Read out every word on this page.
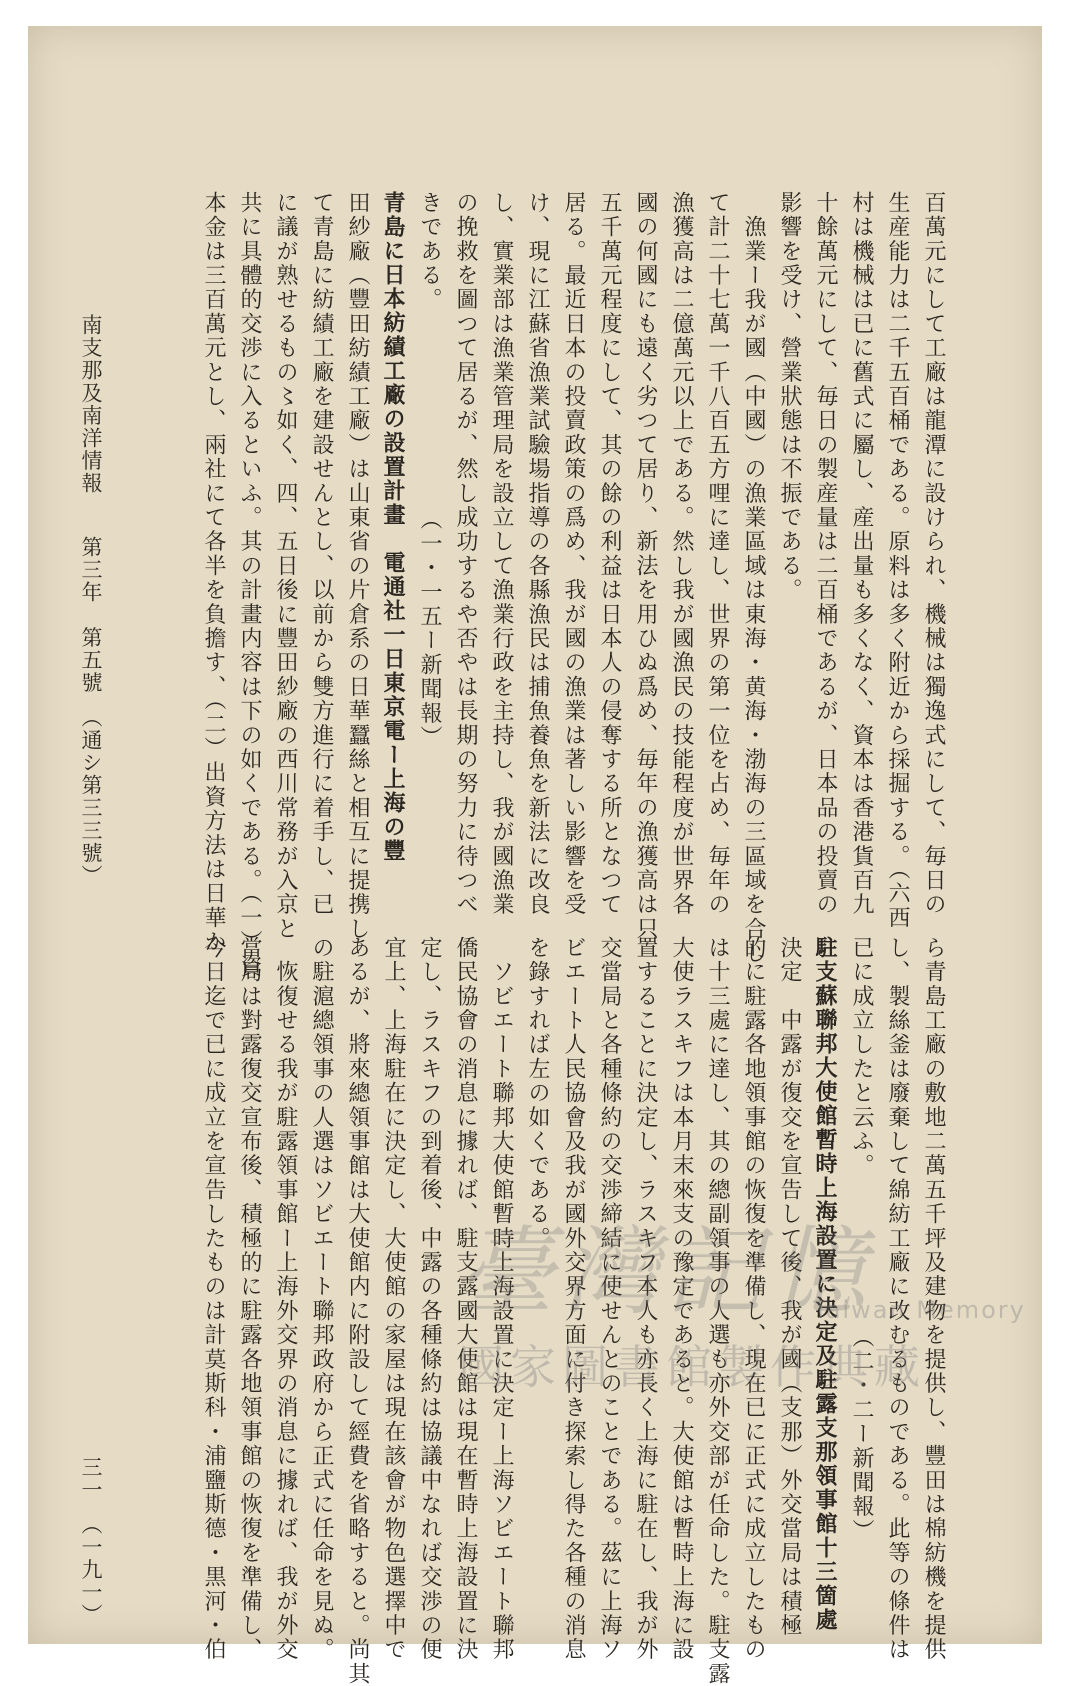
南支那及南洋情報
第三年　第五號　（通シ第三三號）
三一　（一九一）
百萬元にして工廠は龍潭に設けられ、機械は獨逸式にして、毎日の
生産能力は二千五百桶である。原料は多く附近から採掘する。（六西
村は機械は已に舊式に屬し、産出量も多くなく、資本は香港貨百九
十餘萬元にして、毎日の製産量は二百桶であるが、日本品の投賣の
影響を受け、營業狀態は不振である。
　漁業ー我が國（中國）の漁業區域は東海・黄海・渤海の三區域を合し
て計二十七萬一千八百五方哩に達し、世界の第一位を占め、毎年の
漁獲高は二億萬元以上である。然し我が國漁民の技能程度が世界各
國の何國にも遠く劣つて居り、新法を用ひぬ爲め、毎年の漁獲高は只
五千萬元程度にして、其の餘の利益は日本人の侵奪する所となつて
居る。最近日本の投賣政策の爲め、我が國の漁業は著しい影響を受
け、現に江蘇省漁業試驗場指導の各縣漁民は捕魚養魚を新法に改良
し、實業部は漁業管理局を設立して漁業行政を主持し、我が國漁業
の挽救を圖つて居るが、然し成功するや否やは長期の努力に待つべ
きである。　　　　　　　　　（一・一五ー新聞報）
青島に日本紡績工廠の設置計畫　電通社一日東京電ー上海の豐
田紗廠（豐田紡績工廠）は山東省の片倉系の日華蠶絲と相互に提携し
て青島に紡績工廠を建設せんとし、以前から雙方進行に着手し、已
に議が熟せるもの〻如く、四、五日後に豐田紗廠の西川常務が入京と
共に具體的交渉に入るといふ。其の計畫内容は下の如くである。（一）資
本金は三百萬元とし、兩社にて各半を負擔す、（二）出資方法は日華か
ら青島工廠の敷地二萬五千坪及建物を提供し、豐田は棉紡機を提供
し、製絲釜は廢棄して綿紡工廠に改むるものである。此等の條件は
已に成立したと云ふ。　　　　　　　（二・二ー新聞報）
駐支蘇聯邦大使館暫時上海設置に決定及駐露支那領事館十三箇處
決定　中露が復交を宣告して後、我が國（支那）外交當局は積極
的に駐露各地領事館の恢復を準備し、現在已に正式に成立したもの
は十三處に達し、其の總副領事の人選も亦外交部が任命した。駐支露
大使ラスキフは本月末來支の豫定であると。大使館は暫時上海に設
置することに決定し、ラスキフ本人も亦長く上海に駐在し、我が外
交當局と各種條約の交渉締結に使せんとのことである。茲に上海ソ
ビエート人民協會及我が國外交界方面に付き探索し得た各種の消息
を錄すれば左の如くである。
　ソビエート聯邦大使館暫時上海設置に決定ー上海ソビエート聯邦
僑民協會の消息に據れば、駐支露國大使館は現在暫時上海設置に決
定し、ラスキフの到着後、中露の各種條約は協議中なれば交渉の便
宜上、上海駐在に決定し、大使館の家屋は現在該會が物色選擇中で
あるが、將來總領事館は大使館内に附設して經費を省略すると。尚其
の駐滬總領事の人選はソビエート聯邦政府から正式に任命を見ぬ。
　恢復せる我が駐露領事館ー上海外交界の消息に據れば、我が外交
當局は對露復交宣布後、積極的に駐露各地領事館の恢復を準備し、
今日迄で已に成立を宣告したものは計莫斯科・浦鹽斯德・黒河・伯 臺灣記憶
Taiwan Memory
國家圖書館製作典藏
